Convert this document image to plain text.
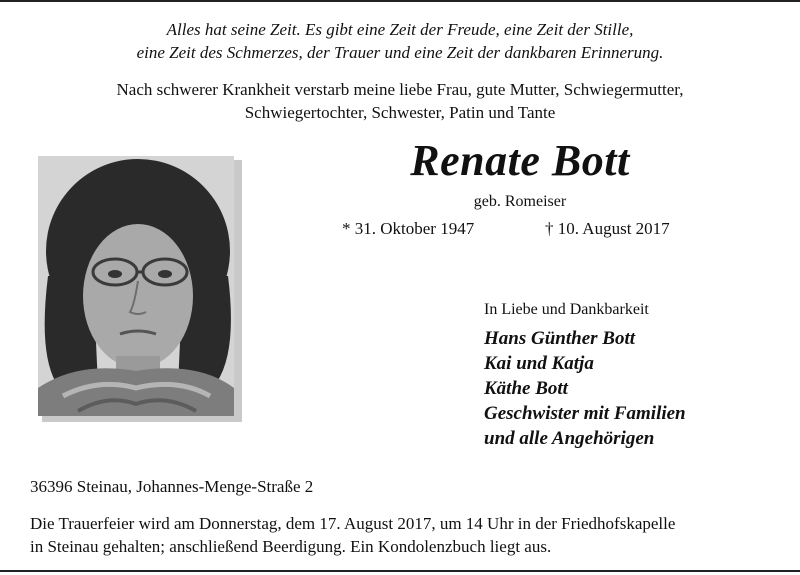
Alles hat seine Zeit. Es gibt eine Zeit der Freude, eine Zeit der Stille,
eine Zeit des Schmerzes, der Trauer und eine Zeit der dankbaren Erinnerung.
Nach schwerer Krankheit verstarb meine liebe Frau, gute Mutter, Schwiegermutter,
Schwiegertochter, Schwester, Patin und Tante
Renate Bott
geb. Romeiser
* 31. Oktober 1947	† 10. August 2017
In Liebe und Dankbarkeit
Hans Günther Bott
Kai und Katja
Käthe Bott
Geschwister mit Familien
und alle Angehörigen
36396 Steinau, Johannes-Menge-Straße 2
Die Trauerfeier wird am Donnerstag, dem 17. August 2017, um 14 Uhr in der Friedhofskapelle
in Steinau gehalten; anschließend Beerdigung. Ein Kondolenzbuch liegt aus.
